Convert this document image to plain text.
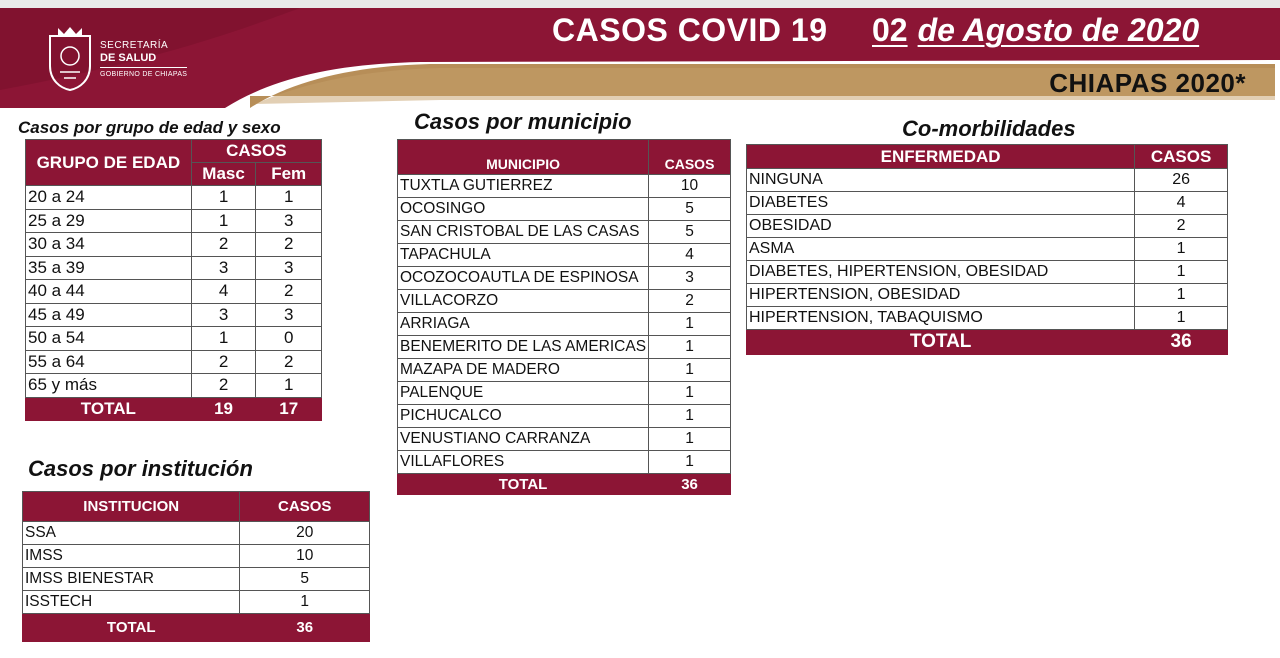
SECRETARÍA
DE SALUD
GOBIERNO DE CHIAPAS
CASOS COVID 19 02 de Agosto de 2020
CHIAPAS 2020*
Casos por grupo de edad y sexo
GRUPO DE EDAD	CASOS	
	Masc	Fem
20 a 24	1	1
25 a 29	1	3
30 a 34	2	2
35 a 39	3	3
40 a 44	4	2
45 a 49	3	3
50 a 54	1	0
55 a 64	2	2
65 y más	2	1
TOTAL	19	17
Casos por institución
INSTITUCION	CASOS
SSA	20
IMSS	10
IMSS BIENESTAR	5
ISSTECH	1
TOTAL	36
Casos por municipio
MUNICIPIO	CASOS
TUXTLA GUTIERREZ	10
OCOSINGO	5
SAN CRISTOBAL DE LAS CASAS	5
TAPACHULA	4
OCOZOCOAUTLA DE ESPINOSA	3
VILLACORZO	2
ARRIAGA	1
BENEMERITO DE LAS AMERICAS	1
MAZAPA DE MADERO	1
PALENQUE	1
PICHUCALCO	1
VENUSTIANO CARRANZA	1
VILLAFLORES	1
TOTAL	36
Co-morbilidades
ENFERMEDAD	CASOS
NINGUNA	26
DIABETES	4
OBESIDAD	2
ASMA	1
DIABETES, HIPERTENSION, OBESIDAD	1
HIPERTENSION, OBESIDAD	1
HIPERTENSION, TABAQUISMO	1
TOTAL	36
